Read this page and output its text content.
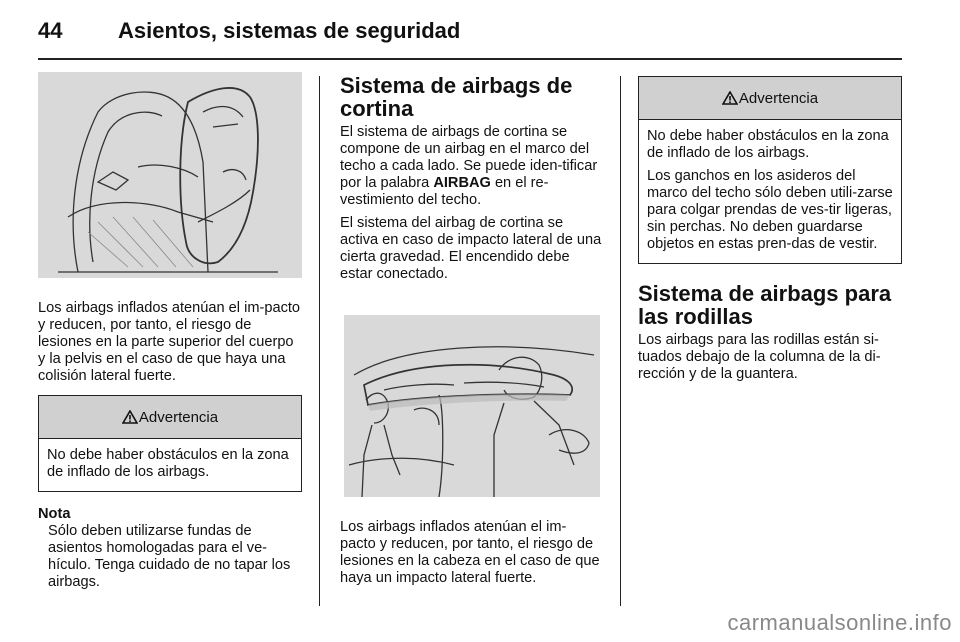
44	Asientos, sistemas de seguridad

Los airbags inflados atenúan el im-pacto y reducen, por tanto, el riesgo de lesiones en la parte superior del cuerpo y la pelvis en el caso de que haya una colisión lateral fuerte.

Advertencia

No debe haber obstáculos en la zona de inflado de los airbags.

Nota

Sólo deben utilizarse fundas de asientos homologadas para el ve-hículo. Tenga cuidado de no tapar los airbags.

Sistema de airbags de cortina

El sistema de airbags de cortina se compone de un airbag en el marco del techo a cada lado. Se puede iden-tificar por la palabra AIRBAG en el re-vestimiento del techo.

El sistema del airbag de cortina se activa en caso de impacto lateral de una cierta gravedad. El encendido debe estar conectado.

Los airbags inflados atenúan el im-pacto y reducen, por tanto, el riesgo de lesiones en la cabeza en el caso de que haya un impacto lateral fuerte.

Advertencia

No debe haber obstáculos en la zona de inflado de los airbags.

Los ganchos en los asideros del marco del techo sólo deben utili-zarse para colgar prendas de ves-tir ligeras, sin perchas. No deben guardarse objetos en estas pren-das de vestir.

Sistema de airbags para las rodillas

Los airbags para las rodillas están si-tuados debajo de la columna de la di-rección y de la guantera.

carmanualsonline.info
